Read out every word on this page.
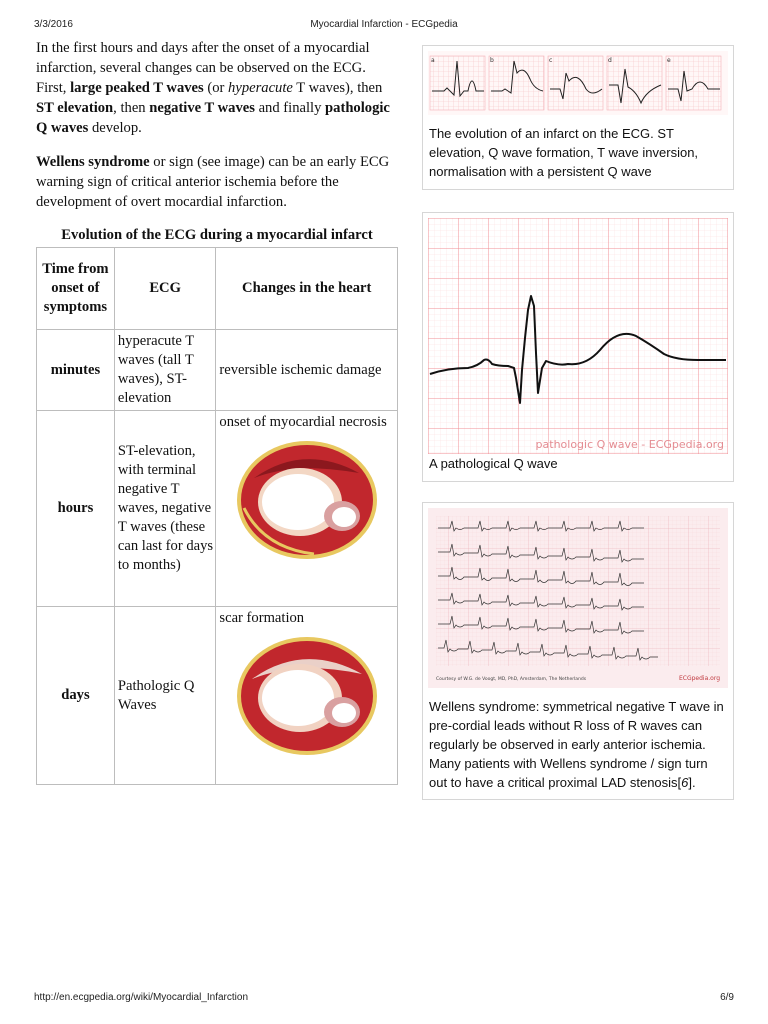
3/3/2016	Myocardial Infarction - ECGpedia

In the first hours and days after the onset of a myocardial infarction, several changes can be observed on the ECG. First, large peaked T waves (or hyperacute T waves), then ST elevation, then negative T waves and finally pathologic Q waves develop.

Wellens syndrome or sign (see image) can be an early ECG warning sign of critical anterior ischemia before the development of overt mocardial infarction.

Evolution of the ECG during a myocardial infarct
Time from onset of symptoms	ECG	Changes in the heart
minutes	hyperacute T waves (tall T waves), ST-elevation	reversible ischemic damage
hours	ST-elevation, with terminal negative T waves, negative T waves (these can last for days to months)	onset of myocardial necrosis

days	Pathologic Q Waves	scar formation
a	b	c	d	e
The evolution of an infarct on the ECG. ST elevation, Q wave formation, T wave inversion, normalisation with a persistent Q wave
pathologic Q wave - ECGpedia.org
A pathological Q wave
Courtesy of W.G. de Voogt, MD, PhD, Amsterdam, The Netherlands	ECGpedia.org
Wellens syndrome: symmetrical negative T wave in pre-cordial leads without R loss of R waves can regularly be observed in early anterior ischemia. Many patients with Wellens syndrome / sign turn out to have a critical proximal LAD stenosis[6].
http://en.ecgpedia.org/wiki/Myocardial_Infarction	6/9
